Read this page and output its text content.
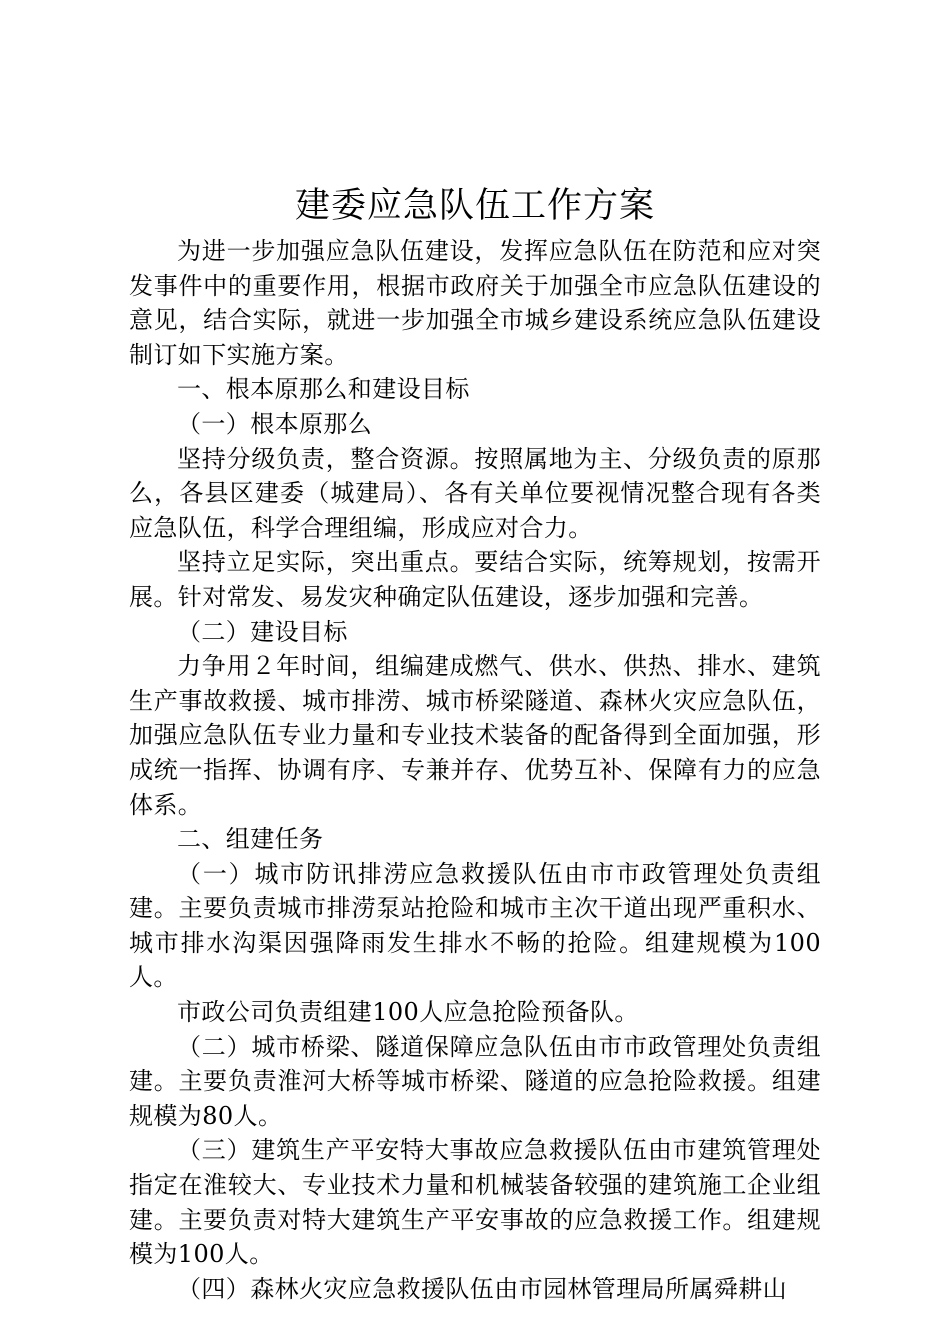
建委应急队伍工作方案

为进一步加强应急队伍建设，发挥应急队伍在防范和应对突发事件中的重要作用，根据市政府关于加强全市应急队伍建设的意见，结合实际，就进一步加强全市城乡建设系统应急队伍建设制订如下实施方案。

一、根本原那么和建设目标

（一）根本原那么

坚持分级负责，整合资源。按照属地为主、分级负责的原那么，各县区建委（城建局）、各有关单位要视情况整合现有各类应急队伍，科学合理组编，形成应对合力。

坚持立足实际，突出重点。要结合实际，统筹规划，按需开展。针对常发、易发灾种确定队伍建设，逐步加强和完善。

（二）建设目标

力争用２年时间，组编建成燃气、供水、供热、排水、建筑生产事故救援、城市排涝、城市桥梁隧道、森林火灾应急队伍，加强应急队伍专业力量和专业技术装备的配备得到全面加强，形成统一指挥、协调有序、专兼并存、优势互补、保障有力的应急体系。

二、组建任务

（一）城市防讯排涝应急救援队伍由市市政管理处负责组建。主要负责城市排涝泵站抢险和城市主次干道出现严重积水、城市排水沟渠因强降雨发生排水不畅的抢险。组建规模为100人。

市政公司负责组建100人应急抢险预备队。

（二）城市桥梁、隧道保障应急队伍由市市政管理处负责组建。主要负责淮河大桥等城市桥梁、隧道的应急抢险救援。组建规模为80人。

（三）建筑生产平安特大事故应急救援队伍由市建筑管理处指定在淮较大、专业技术力量和机械装备较强的建筑施工企业组建。主要负责对特大建筑生产平安事故的应急救援工作。组建规模为100人。

（四）森林火灾应急救援队伍由市园林管理局所属舜耕山
